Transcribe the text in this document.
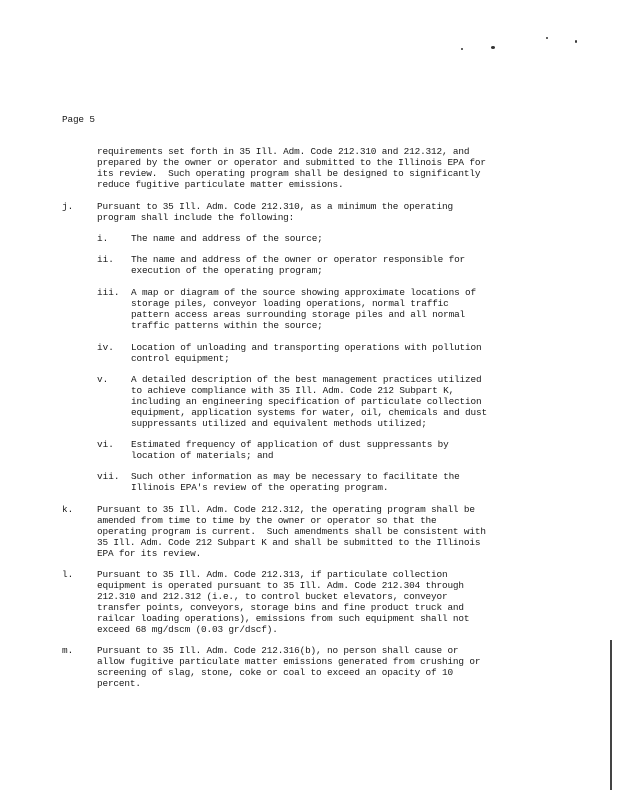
Page 5
requirements set forth in 35 Ill. Adm. Code 212.310 and 212.312, and
prepared by the owner or operator and submitted to the Illinois EPA for
its review.  Such operating program shall be designed to significantly
reduce fugitive particulate matter emissions.
j.	Pursuant to 35 Ill. Adm. Code 212.310, as a minimum the operating
program shall include the following:
i. The name and address of the source;
ii. The name and address of the owner or operator responsible for
execution of the operating program;
iii. A map or diagram of the source showing approximate locations of
storage piles, conveyor loading operations, normal traffic
pattern access areas surrounding storage piles and all normal
traffic patterns within the source;
iv. Location of unloading and transporting operations with pollution
control equipment;
v. A detailed description of the best management practices utilized
to achieve compliance with 35 Ill. Adm. Code 212 Subpart K,
including an engineering specification of particulate collection
equipment, application systems for water, oil, chemicals and dust
suppressants utilized and equivalent methods utilized;
vi. Estimated frequency of application of dust suppressants by
location of materials; and
vii. Such other information as may be necessary to facilitate the
Illinois EPA's review of the operating program.
k.	Pursuant to 35 Ill. Adm. Code 212.312, the operating program shall be
amended from time to time by the owner or operator so that the
operating program is current.  Such amendments shall be consistent with
35 Ill. Adm. Code 212 Subpart K and shall be submitted to the Illinois
EPA for its review.
l.	Pursuant to 35 Ill. Adm. Code 212.313, if particulate collection
equipment is operated pursuant to 35 Ill. Adm. Code 212.304 through
212.310 and 212.312 (i.e., to control bucket elevators, conveyor
transfer points, conveyors, storage bins and fine product truck and
railcar loading operations), emissions from such equipment shall not
exceed 68 mg/dscm (0.03 gr/dscf).
m.	Pursuant to 35 Ill. Adm. Code 212.316(b), no person shall cause or
allow fugitive particulate matter emissions generated from crushing or
screening of slag, stone, coke or coal to exceed an opacity of 10
percent.
